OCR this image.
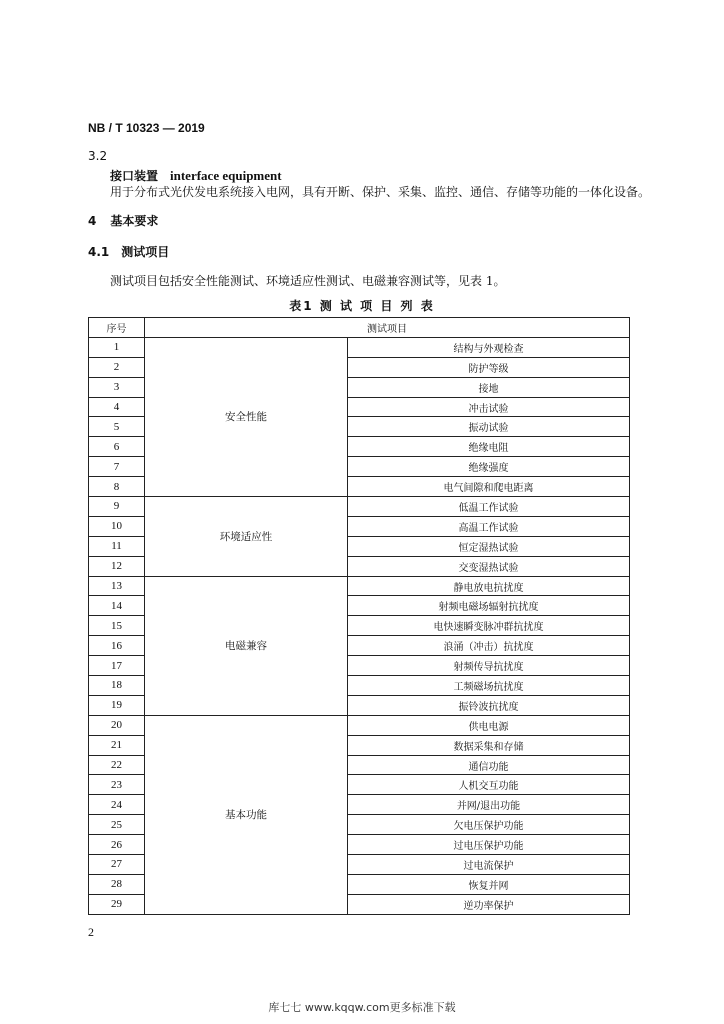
NB / T 10323 — 2019
3.2
接口装置 interface equipment
用于分布式光伏发电系统接入电网，具有开断、保护、采集、监控、通信、存储等功能的一体化设备。
4 基本要求
4.1 测试项目
测试项目包括安全性能测试、环境适应性测试、电磁兼容测试等，见表 1。
表1 测 试 项 目 列 表
序号	测试项目	
1	安全性能	结构与外观检查
2		防护等级
3		接地
4		冲击试验
5		振动试验
6		绝缘电阻
7		绝缘强度
8		电气间隙和爬电距离
9	环境适应性	低温工作试验
10		高温工作试验
11		恒定湿热试验
12		交变湿热试验
13	电磁兼容	静电放电抗扰度
14		射频电磁场辐射抗扰度
15		电快速瞬变脉冲群抗扰度
16		浪涌（冲击）抗扰度
17		射频传导抗扰度
18		工频磁场抗扰度
19		振铃波抗扰度
20	基本功能	供电电源
21		数据采集和存储
22		通信功能
23		人机交互功能
24		并网/退出功能
25		欠电压保护功能
26		过电压保护功能
27		过电流保护
28		恢复并网
29		逆功率保护
2
库七七 www.kqqw.com更多标准下载
